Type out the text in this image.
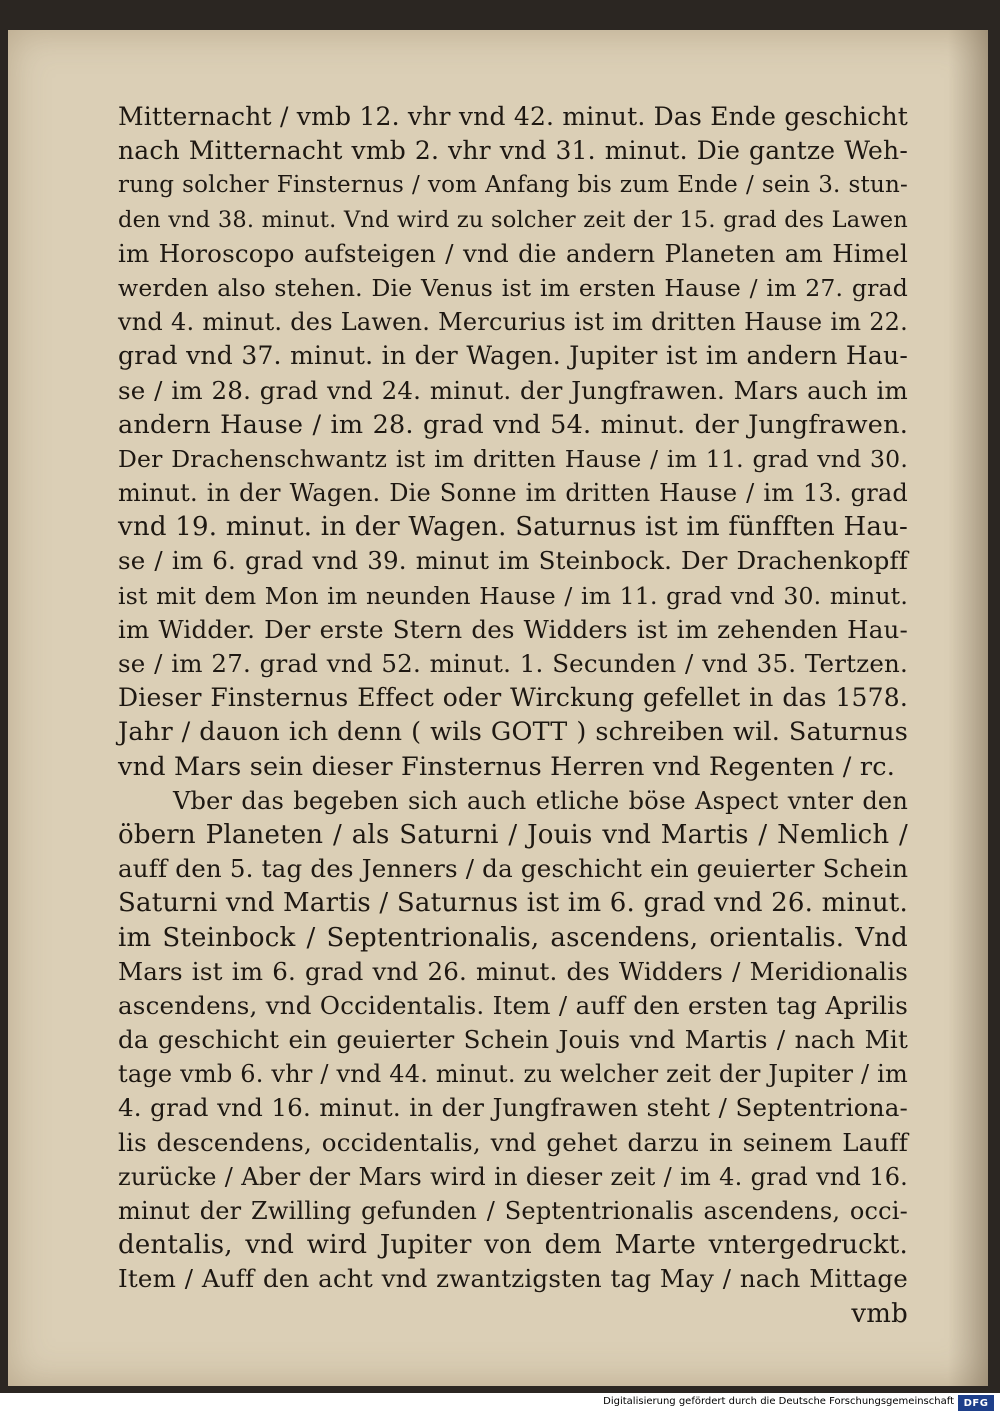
Mitternacht / vmb 12. vhr vnd 42. minut. Das Ende geschicht
nach Mitternacht vmb 2. vhr vnd 31. minut. Die gantze Weh-
rung solcher Finsternus / vom Anfang bis zum Ende / sein 3. stun-
den vnd 38. minut. Vnd wird zu solcher zeit der 15. grad des Lawen
im Horoscopo aufsteigen / vnd die andern Planeten am Himel
werden also stehen. Die Venus ist im ersten Hause / im 27. grad
vnd 4. minut. des Lawen. Mercurius ist im dritten Hause im 22.
grad vnd 37. minut. in der Wagen. Jupiter ist im andern Hau-
se / im 28. grad vnd 24. minut. der Jungfrawen. Mars auch im
andern Hause / im 28. grad vnd 54. minut. der Jungfrawen.
Der Drachenschwantz ist im dritten Hause / im 11. grad vnd 30.
minut. in der Wagen. Die Sonne im dritten Hause / im 13. grad
vnd 19. minut. in der Wagen. Saturnus ist im fünfften Hau-
se / im 6. grad vnd 39. minut im Steinbock. Der Drachenkopff
ist mit dem Mon im neunden Hause / im 11. grad vnd 30. minut.
im Widder. Der erste Stern des Widders ist im zehenden Hau-
se / im 27. grad vnd 52. minut. 1. Secunden / vnd 35. Tertzen.
Dieser Finsternus Effect oder Wirckung gefellet in das 1578.
Jahr / dauon ich denn ( wils GOTT ) schreiben wil. Saturnus
vnd Mars sein dieser Finsternus Herren vnd Regenten / rc.
Vber das begeben sich auch etliche böse Aspect vnter den
öbern Planeten / als Saturni / Jouis vnd Martis / Nemlich /
auff den 5. tag des Jenners / da geschicht ein geuierter Schein
Saturni vnd Martis / Saturnus ist im 6. grad vnd 26. minut.
im Steinbock / Septentrionalis, ascendens, orientalis. Vnd
Mars ist im 6. grad vnd 26. minut. des Widders / Meridionalis
ascendens, vnd Occidentalis. Item / auff den ersten tag Aprilis
da geschicht ein geuierter Schein Jouis vnd Martis / nach Mit
tage vmb 6. vhr / vnd 44. minut. zu welcher zeit der Jupiter / im
4. grad vnd 16. minut. in der Jungfrawen steht / Septentriona-
lis descendens, occidentalis, vnd gehet darzu in seinem Lauff
zurücke / Aber der Mars wird in dieser zeit / im 4. grad vnd 16.
minut der Zwilling gefunden / Septentrionalis ascendens, occi-
dentalis, vnd wird Jupiter von dem Marte vntergedruckt.
Item / Auff den acht vnd zwantzigsten tag May / nach Mittage
vmb
Digitalisierung gefördert durch die Deutsche Forschungsgemeinschaft DFG
